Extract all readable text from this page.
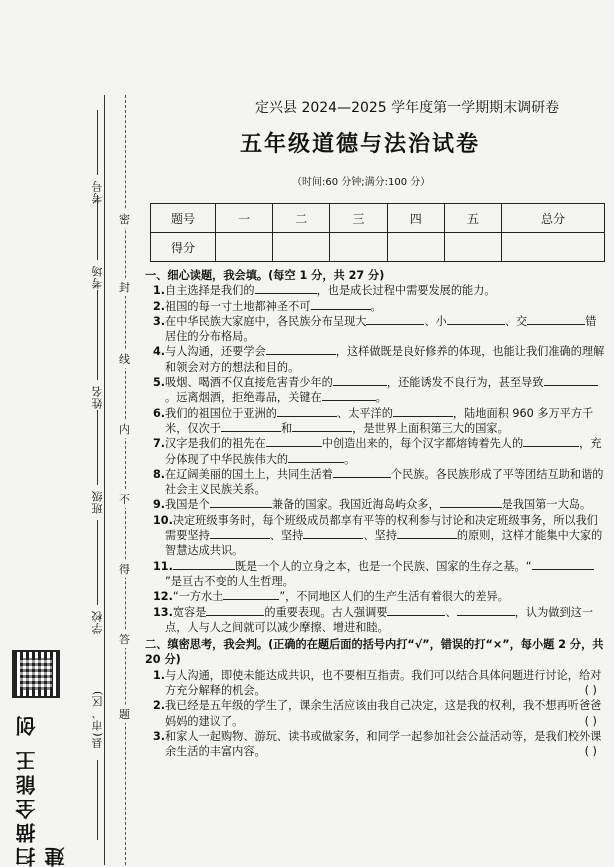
考号
考场
姓名
班级
学校
县(市、区)
密
封
线
内
不
得
答
题
扫描全能王 创建
定兴县 2024—2025 学年度第一学期期末调研卷
五年级道德与法治试卷
（时间:60 分钟;满分:100 分）
题号	一	二	三	四	五	总分
得分						
一、细心读题，我会填。(每空 1 分，共 27 分)
1.自主选择是我们的	，也是成长过程中需要发展的能力。
2.祖国的每一寸土地都神圣不可	。
3.在中华民族大家庭中，各民族分布呈现大	、小	、交	错居住的分布格局。
4.与人沟通，还要学会	，这样做既是良好修养的体现，也能让我们准确的理解和领会对方的想法和目的。
5.吸烟、喝酒不仅直接危害青少年的	，还能诱发不良行为，甚至导致。远离烟酒，拒绝毒品，关键在	。
6.我们的祖国位于亚洲的	、太平洋的	，陆地面积 960 多万平方千米，仅次于	和	，是世界上面积第三大的国家。
7.汉字是我们的祖先在	中创造出来的，每个汉字都熔铸着先人的	，充分体现了中华民族伟大的	。
8.在辽阔美丽的国土上，共同生活着	个民族。各民族形成了平等团结互助和谐的社会主义民族关系。
9.我国是个	兼备的国家。我国近海岛屿众多，	是我国第一大岛。
10.决定班级事务时，每个班级成员都享有平等的权利参与讨论和决定班级事务，所以我们需要坚持	、坚持	、坚持	的原则，这样才能集中大家的智慧达成共识。
11.	既是一个人的立身之本，也是一个民族、国家的生存之基。“”是亘古不变的人生哲理。
12.“一方水土	”，不同地区人们的生产生活有着很大的差异。
13.宽容是	的重要表现。古人强调要	、	，认为做到这一点，人与人之间就可以减少摩擦、增进和睦。
二、缜密思考，我会判。(正确的在题后面的括号内打“√”，错误的打“×”，每小题 2 分，共 20 分)
1.与人沟通，即使未能达成共识，也不要相互指责。我们可以结合具体问题进行讨论，给对方充分解释的机会。	( )
2.我已经是五年级的学生了，课余生活应该由我自己决定，这是我的权利，我不想再听爸爸妈妈的建议了。	( )
3.和家人一起购物、游玩、读书或做家务，和同学一起参加社会公益活动等，是我们校外课余生活的丰富内容。	( )
